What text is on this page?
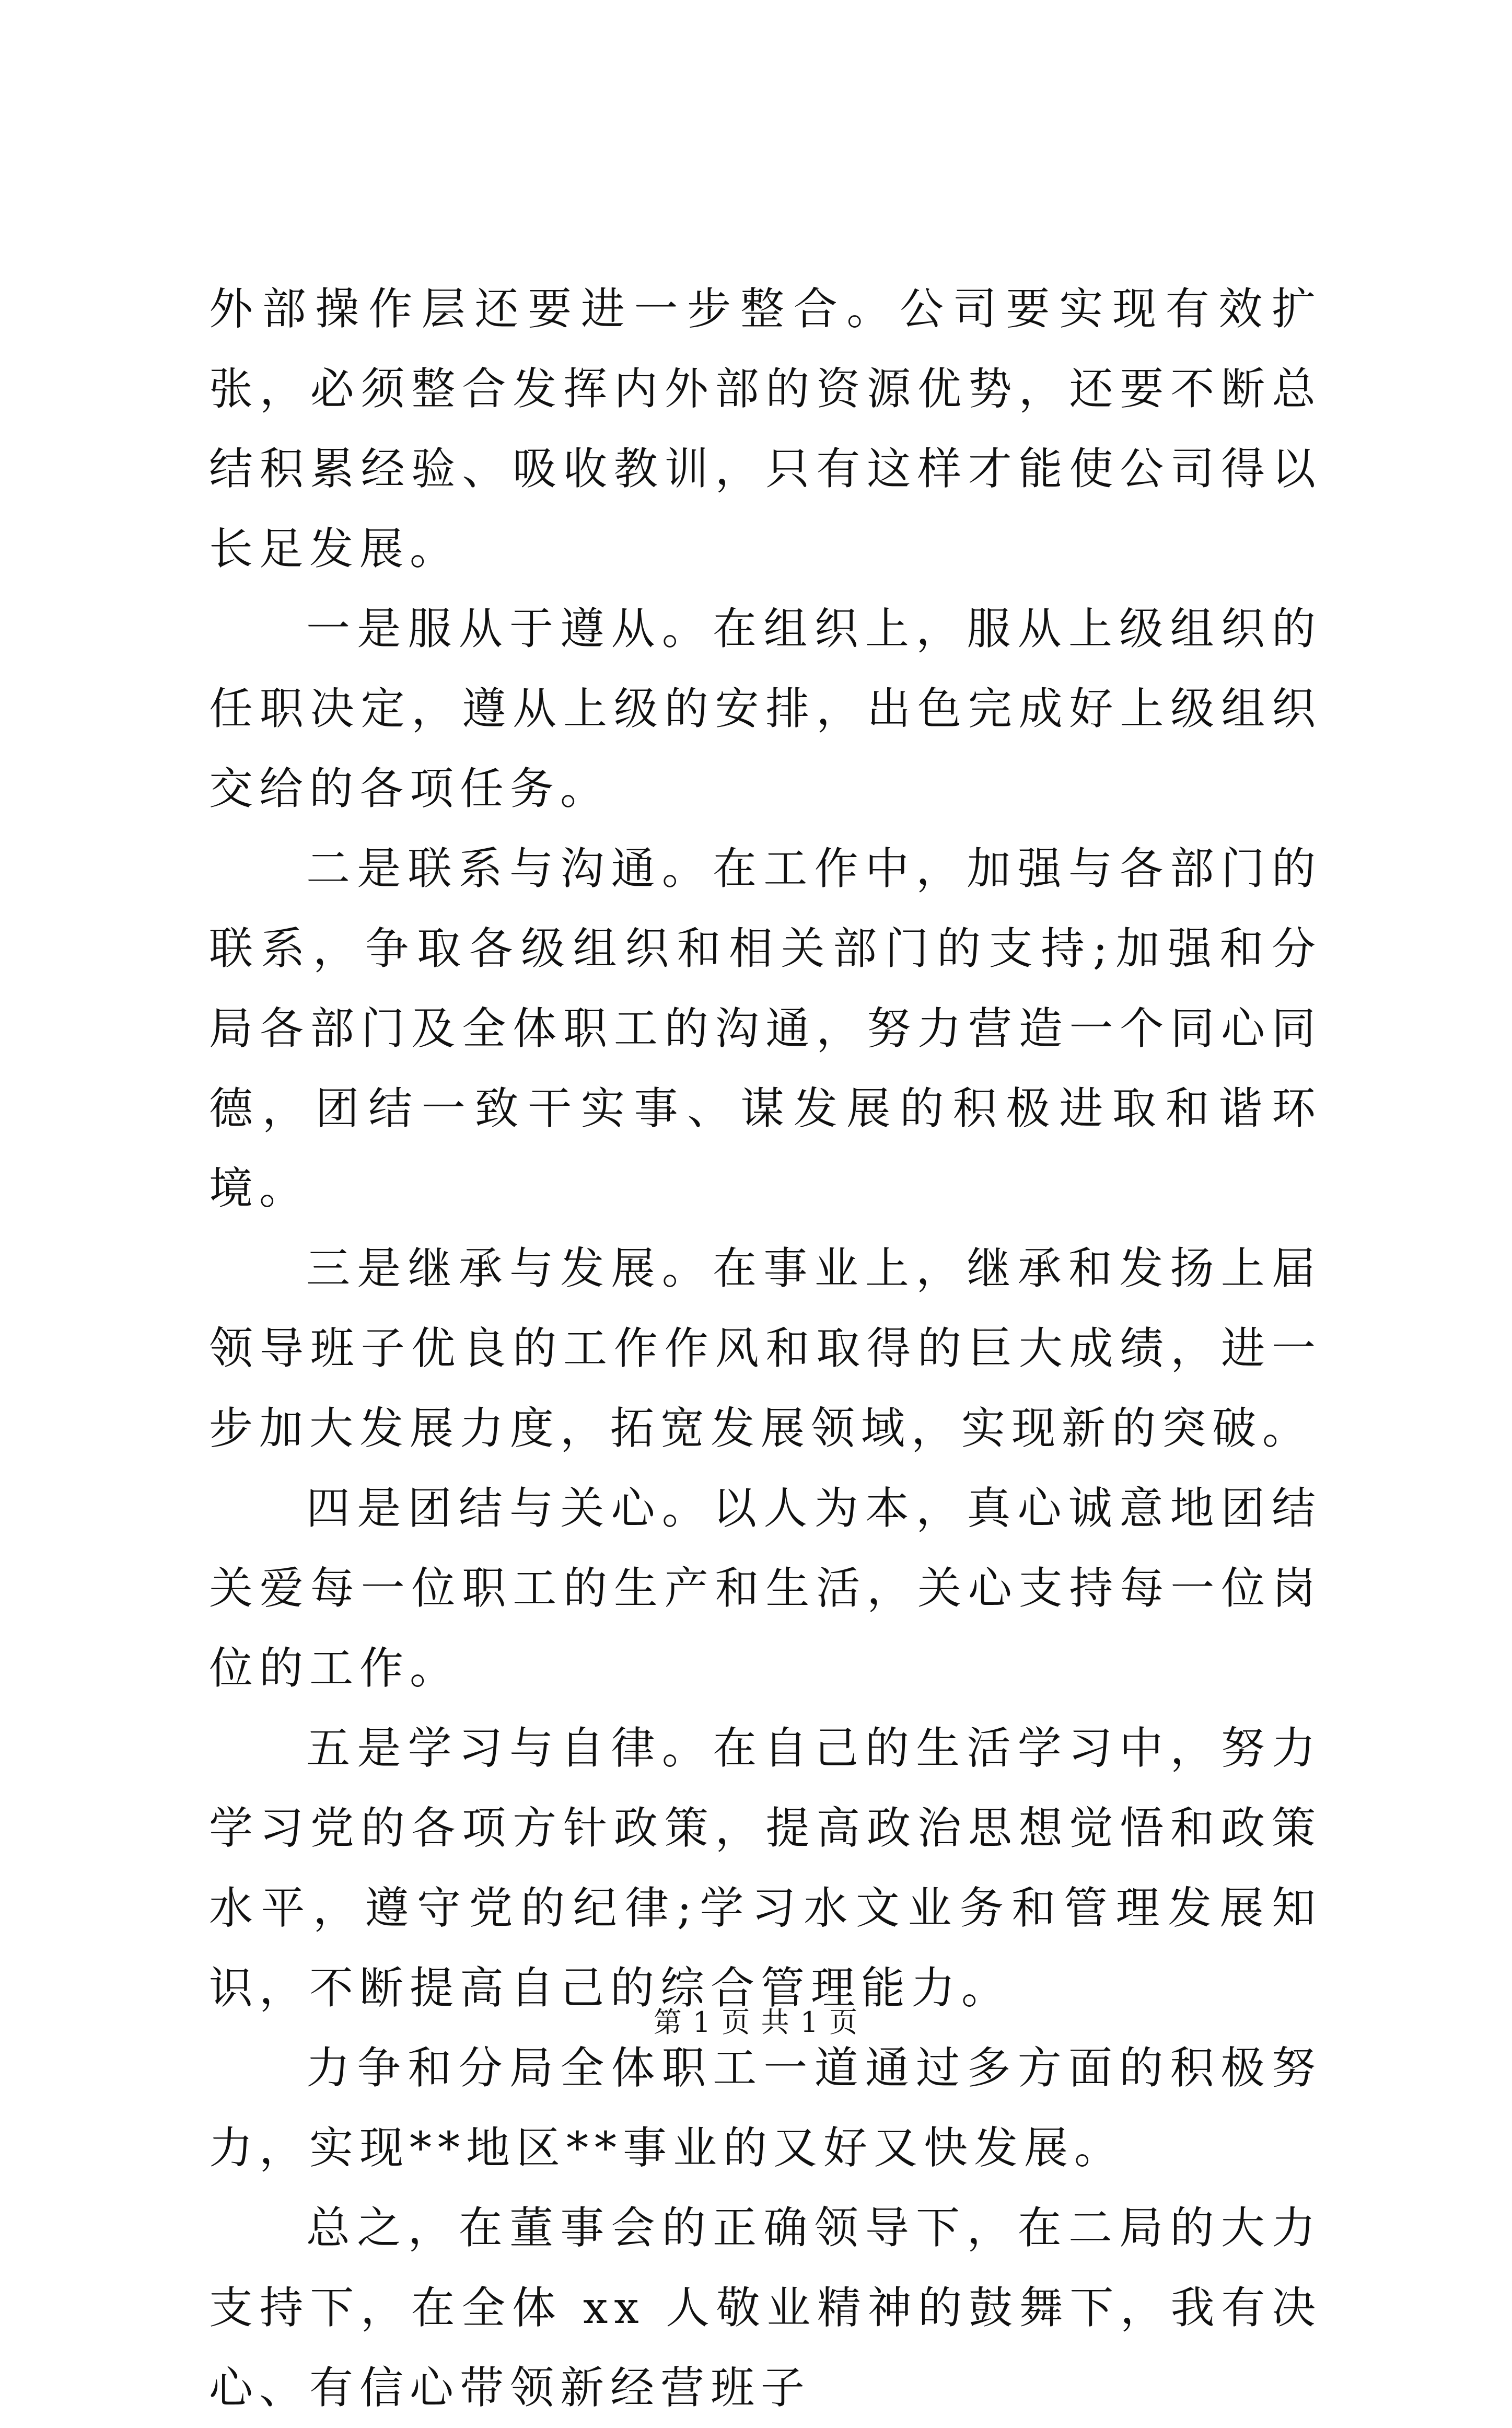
外部操作层还要进一步整合。公司要实现有效扩张，必须整合发挥内外部的资源优势，还要不断总结积累经验、吸收教训，只有这样才能使公司得以长足发展。

一是服从于遵从。在组织上，服从上级组织的任职决定，遵从上级的安排，出色完成好上级组织交给的各项任务。

二是联系与沟通。在工作中，加强与各部门的联系，争取各级组织和相关部门的支持;加强和分局各部门及全体职工的沟通，努力营造一个同心同德，团结一致干实事、谋发展的积极进取和谐环境。

三是继承与发展。在事业上，继承和发扬上届领导班子优良的工作作风和取得的巨大成绩，进一步加大发展力度，拓宽发展领域，实现新的突破。

四是团结与关心。以人为本，真心诚意地团结关爱每一位职工的生产和生活，关心支持每一位岗位的工作。

五是学习与自律。在自己的生活学习中，努力学习党的各项方针政策，提高政治思想觉悟和政策水平，遵守党的纪律;学习水文业务和管理发展知识，不断提高自己的综合管理能力。

力争和分局全体职工一道通过多方面的积极努力，实现**地区**事业的又好又快发展。

总之，在董事会的正确领导下，在二局的大力支持下，在全体 xx 人敬业精神的鼓舞下，我有决心、有信心带领新经营班子

第 1 页 共 1 页
